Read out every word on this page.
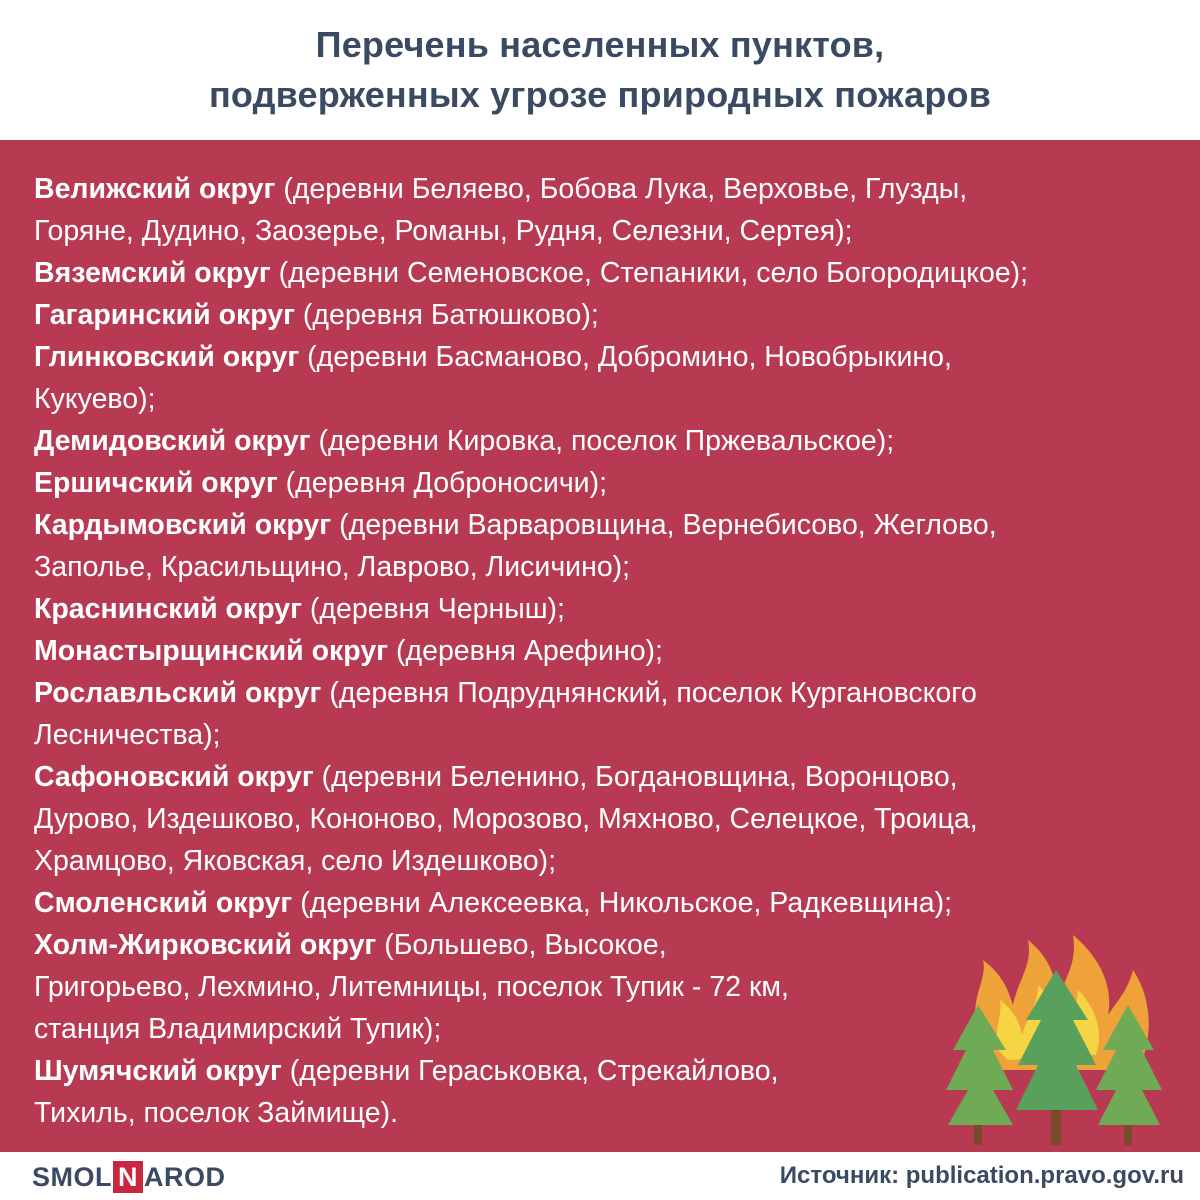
Перечень населенных пунктов,
подверженных угрозе природных пожаров
Велижский округ (деревни Беляево, Бобова Лука, Верховье, Глузды,
Горяне, Дудино, Заозерье, Романы, Рудня, Селезни, Сертея);
Вяземский округ (деревни Семеновское, Степаники, село Богородицкое);
Гагаринский округ (деревня Батюшково);
Глинковский округ (деревни Басманово, Добромино, Новобрыкино,
Кукуево);
Демидовский округ (деревни Кировка, поселок Пржевальское);
Ершичский округ (деревня Доброносичи);
Кардымовский округ (деревни Варваровщина, Вернебисово, Жеглово,
Заполье, Красильщино, Лаврово, Лисичино);
Краснинский округ (деревня Черныш);
Монастырщинский округ (деревня Арефино);
Рославльский округ (деревня Подруднянский, поселок Кургановского
Лесничества);
Сафоновский округ (деревни Беленино, Богдановщина, Воронцово,
Дурово, Издешково, Кононово, Морозово, Мяхново, Селецкое, Троица,
Храмцово, Яковская, село Издешково);
Смоленский округ (деревни Алексеевка, Никольское, Радкевщина);
Холм-Жирковский округ (Большево, Высокое,
Григорьево, Лехмино, Литемницы, поселок Тупик - 72 км,
станция Владимирский Тупик);
Шумячский округ (деревни Гераськовка, Стрекайлово,
Тихиль, поселок Займище).
SMOL N AROD	Источник: publication.pravo.gov.ru
